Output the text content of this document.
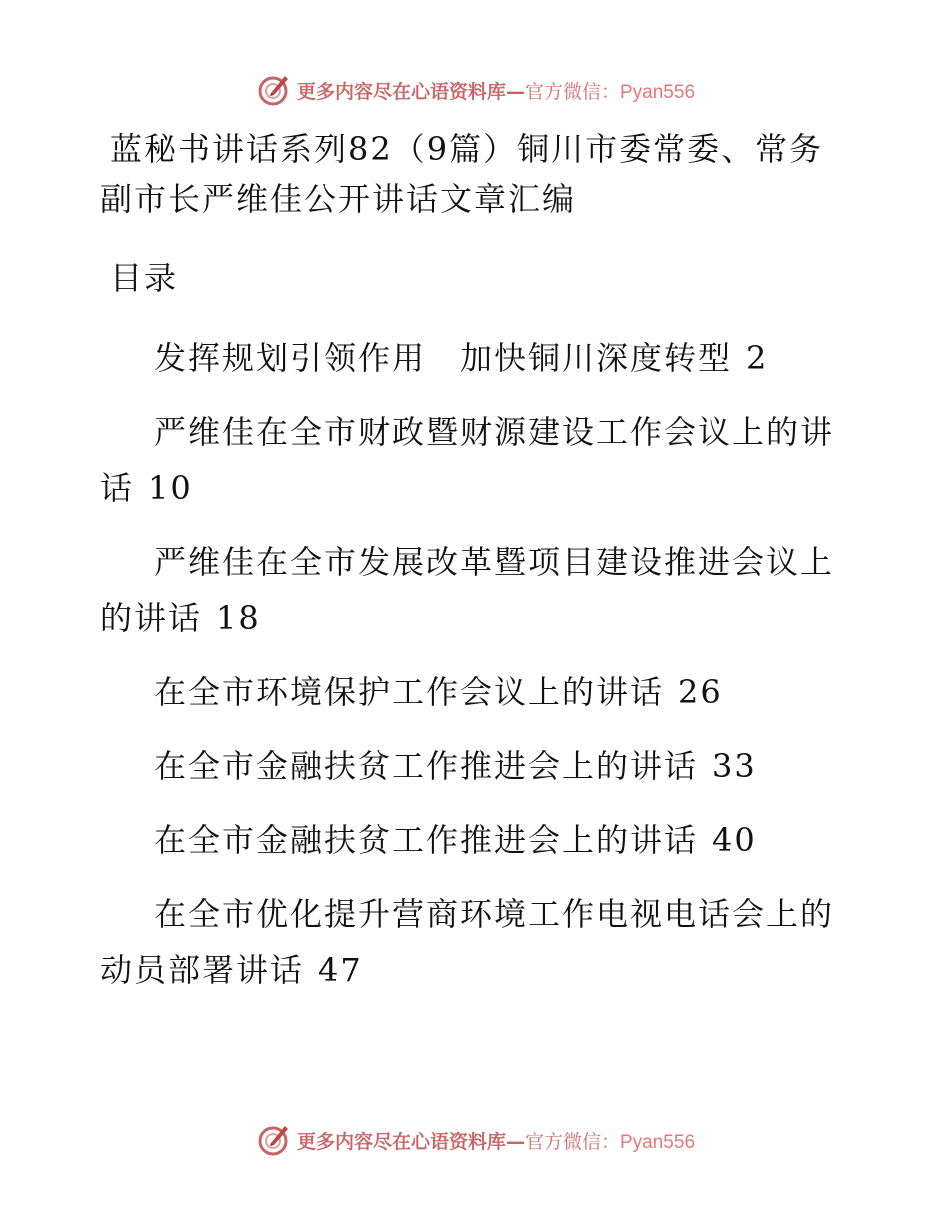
更多内容尽在心语资料库—官方微信：Pyan556
蓝秘书讲话系列82（9篇）铜川市委常委、常务副市长严维佳公开讲话文章汇编
目录
发挥规划引领作用　加快铜川深度转型 2
严维佳在全市财政暨财源建设工作会议上的讲话 10
严维佳在全市发展改革暨项目建设推进会议上的讲话 18
在全市环境保护工作会议上的讲话 26
在全市金融扶贫工作推进会上的讲话 33
在全市金融扶贫工作推进会上的讲话 40
在全市优化提升营商环境工作电视电话会上的动员部署讲话 47
更多内容尽在心语资料库—官方微信：Pyan556
